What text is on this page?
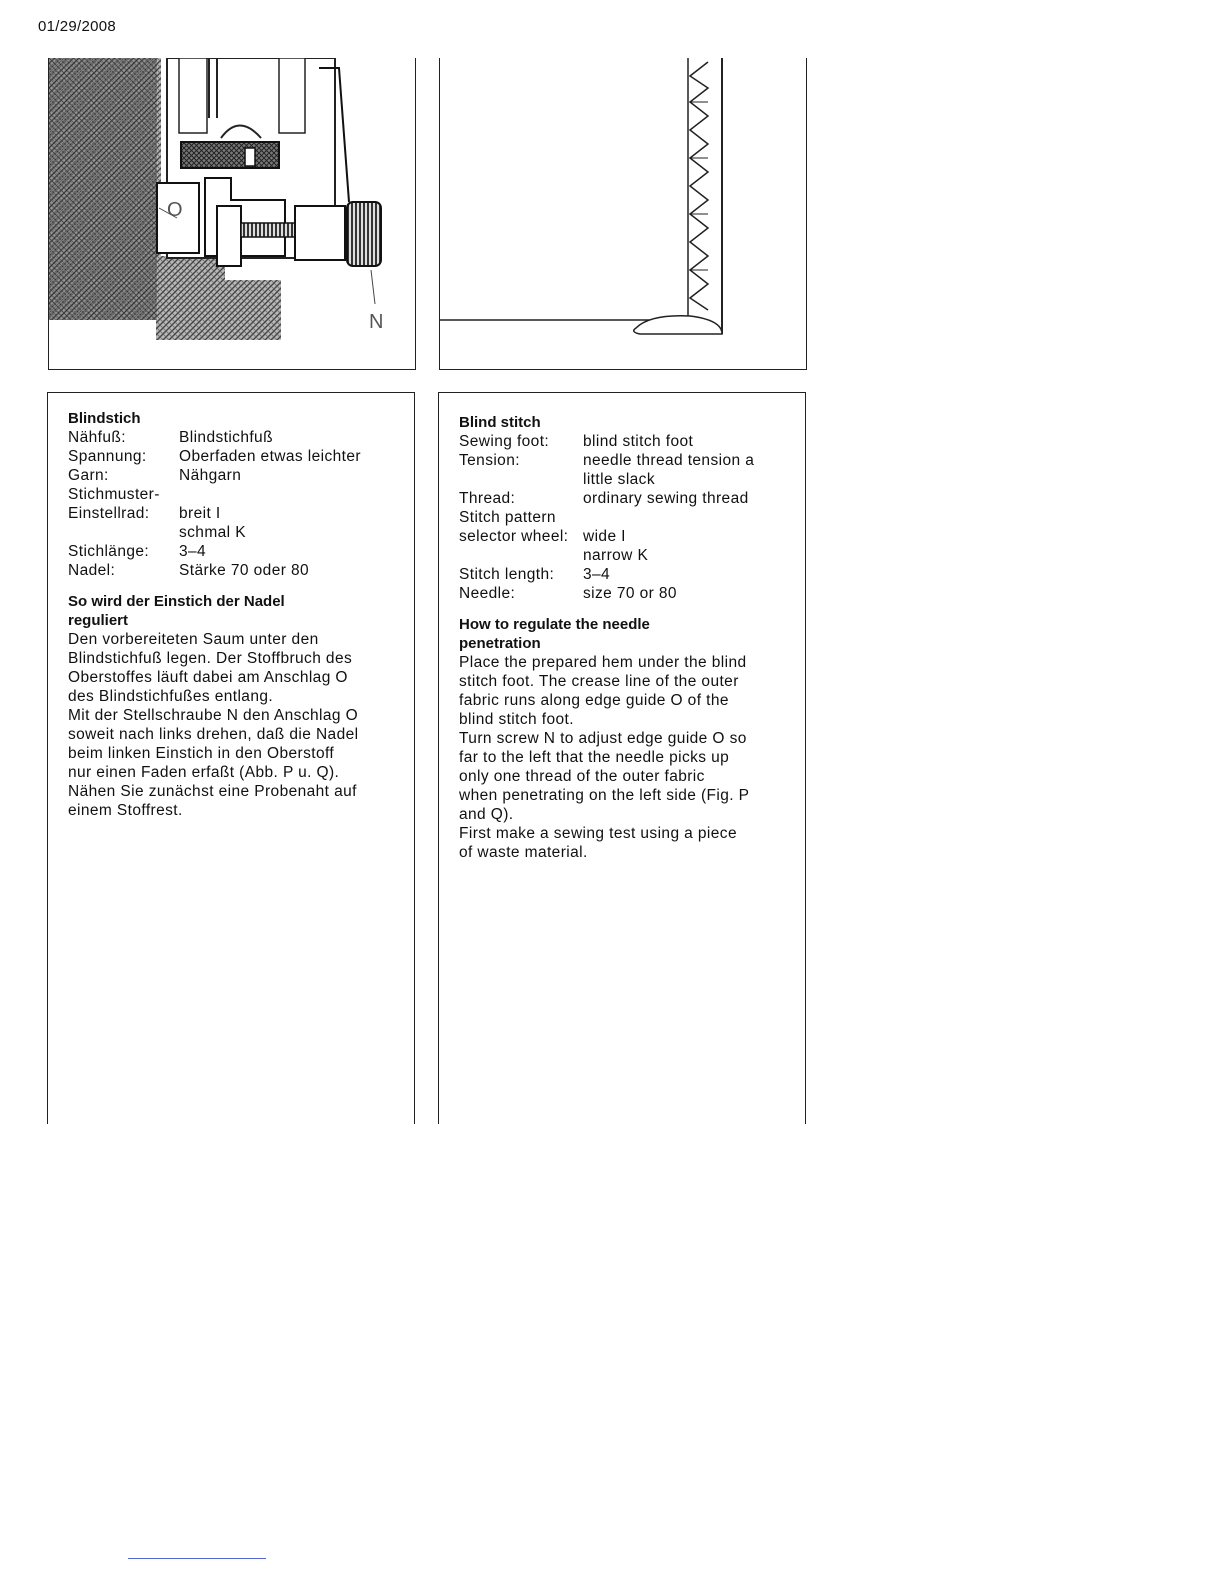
01/29/2008
O
N
Blindstich
Nähfuß:	Blindstichfuß
Spannung:	Oberfaden etwas leichter
Garn:	Nähgarn
Stichmuster-	
Einstellrad:	breit I
	schmal K
Stichlänge:	3–4
Nadel:	Stärke 70 oder 80
So wird der Einstich der Nadel
reguliert

Den vorbereiteten Saum unter den

Blindstichfuß legen. Der Stoffbruch des

Oberstoffes läuft dabei am Anschlag O

des Blindstichfußes entlang.

Mit der Stellschraube N den Anschlag O

soweit nach links drehen, daß die Nadel

beim linken Einstich in den Oberstoff

nur einen Faden erfaßt (Abb. P u. Q).

Nähen Sie zunächst eine Probenaht auf

einem Stoffrest.

Blind stitch
Sewing foot:	blind stitch foot
Tension:	needle thread tension a
	little slack
Thread:	ordinary sewing thread
Stitch pattern	
selector wheel:	wide I
	narrow K
Stitch length:	3–4
Needle:	size 70 or 80
How to regulate the needle
penetration

Place the prepared hem under the blind

stitch foot. The crease line of the outer

fabric runs along edge guide O of the

blind stitch foot.

Turn screw N to adjust edge guide O so

far to the left that the needle picks up

only one thread of the outer fabric

when penetrating on the left side (Fig. P

and Q).

First make a sewing test using a piece

of waste material.
